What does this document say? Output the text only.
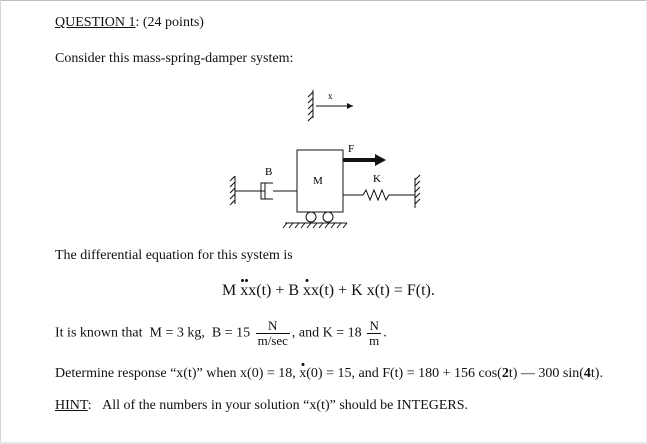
QUESTION 1: (24 points)
Consider this mass-spring-damper system:
x
B
M
F
K
The differential equation for this system is
M xx(t) + B xx(t) + K x(t) = F(t).
It is known that M = 3 kg, $B = 15 \frac{N}{m/\sec}$ , and $K = 18 \frac{N}{m}$ .
Determine response “x(t)” when x(0) = 18, x(0) = 15, and F(t) = 180 + 156 cos(2t) — 300 sin(4t).
HINT: All of the numbers in your solution “x(t)” should be INTEGERS.
